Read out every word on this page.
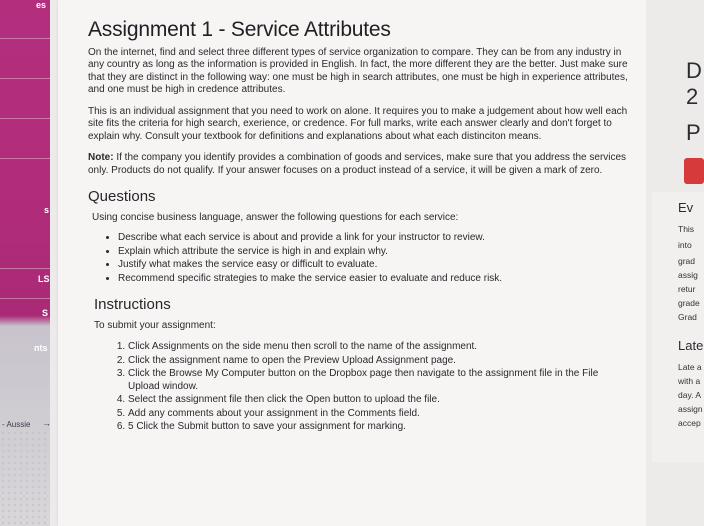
es
s
LS
S
nts
- Aussie →
Assignment 1 - Service Attributes

On the internet, find and select three different types of service organization to compare. They can be from any industry in any country as long as the information is provided in English. In fact, the more different they are the better. Just make sure that they are distinct in the following way: one must be high in search attributes, one must be high in experience attributes, and one must be high in credence attributes.

This is an individual assignment that you need to work on alone. It requires you to make a judgement about how well each site fits the criteria for high search, exerience, or credence. For full marks, write each answer clearly and don't forget to explain why. Consult your textbook for definitions and explanations about what each distinciton means.

Note: If the company you identify provides a combination of goods and services, make sure that you address the services only. Products do not qualify. If your answer focuses on a product instead of a service, it will be given a mark of zero.

Questions

Using concise business language, answer the following questions for each service:

• Describe what each service is about and provide a link for your instructor to review.
• Explain which attribute the service is high in and explain why.
• Justify what makes the service easy or difficult to evaluate.
• Recommend specific strategies to make the service easier to evaluate and reduce risk.
Instructions

To submit your assignment:

1. Click Assignments on the side menu then scroll to the name of the assignment.
2. Click the assignment name to open the Preview Upload Assignment page.
3. Click the Browse My Computer button on the Dropbox page then navigate to the assignment file in the File Upload window.
4. Select the assignment file then click the Open button to upload the file.
5. Add any comments about your assignment in the Comments field.
6. 5 Click the Submit button to save your assignment for marking.
D
2
P
Ev
This
into
grad
assig
retur
grade
Grad
Late
Late a
with a
day. A
assign
accep
